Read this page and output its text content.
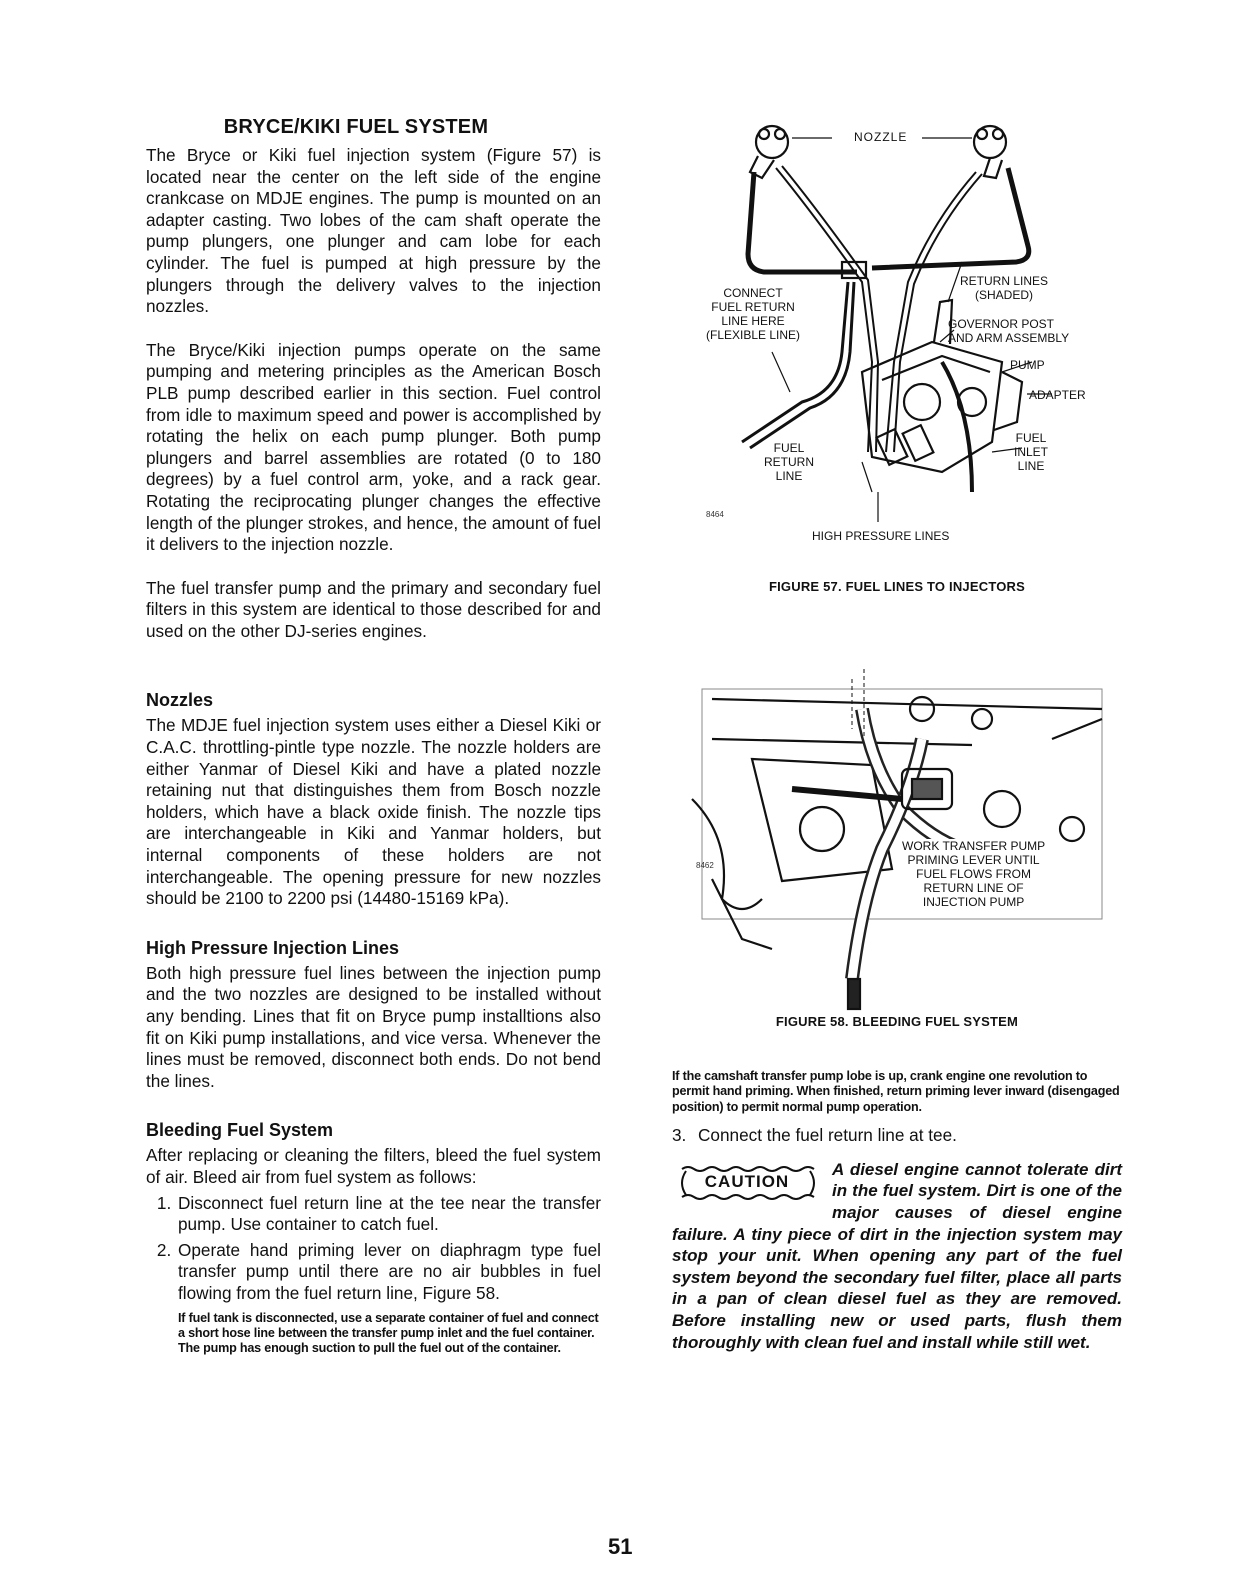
BRYCE/KIKI FUEL SYSTEM

The Bryce or Kiki fuel injection system (Figure 57) is located near the center on the left side of the engine crankcase on MDJE engines. The pump is mounted on an adapter casting. Two lobes of the cam shaft operate the pump plungers, one plunger and cam lobe for each cylinder. The fuel is pumped at high pressure by the plungers through the delivery valves to the injection nozzles.

The Bryce/Kiki injection pumps operate on the same pumping and metering principles as the American Bosch PLB pump described earlier in this section. Fuel control from idle to maximum speed and power is accomplished by rotating the helix on each pump plunger. Both pump plungers and barrel assemblies are rotated (0 to 180 degrees) by a fuel control arm, yoke, and a rack gear. Rotating the reciprocating plunger changes the effective length of the plunger strokes, and hence, the amount of fuel it delivers to the injection nozzle.

The fuel transfer pump and the primary and secondary fuel filters in this system are identical to those described for and used on the other DJ-series engines.

Nozzles

The MDJE fuel injection system uses either a Diesel Kiki or C.A.C. throttling-pintle type nozzle. The nozzle holders are either Yanmar of Diesel Kiki and have a plated nozzle retaining nut that distinguishes them from Bosch nozzle holders, which have a black oxide finish. The nozzle tips are interchangeable in Kiki and Yanmar holders, but internal components of these holders are not interchangeable. The opening pressure for new nozzles should be 2100 to 2200 psi (14480-15169 kPa).

High Pressure Injection Lines

Both high pressure fuel lines between the injection pump and the two nozzles are designed to be installed without any bending. Lines that fit on Bryce pump installtions also fit on Kiki pump installations, and vice versa. Whenever the lines must be removed, disconnect both ends. Do not bend the lines.

Bleeding Fuel System

After replacing or cleaning the filters, bleed the fuel system of air. Bleed air from fuel system as follows:

1. Disconnect fuel return line at the tee near the transfer pump. Use container to catch fuel.
2. Operate hand priming lever on diaphragm type fuel transfer pump until there are no air bubbles in fuel flowing from the fuel return line, Figure 58.

If fuel tank is disconnected, use a separate container of fuel and connect a short hose line between the transfer pump inlet and the fuel container. The pump has enough suction to pull the fuel out of the container.

NOZZLE
CONNECT
FUEL RETURN
LINE HERE
(FLEXIBLE LINE)
RETURN LINES
(SHADED)
GOVERNOR POST
AND ARM ASSEMBLY
PUMP
ADAPTER
FUEL
RETURN
LINE
FUEL
INLET
LINE
HIGH PRESSURE LINES
8464
FIGURE 57. FUEL LINES TO INJECTORS
WORK TRANSFER PUMP
PRIMING LEVER UNTIL
FUEL FLOWS FROM
RETURN LINE OF
INJECTION PUMP
8462
FIGURE 58. BLEEDING FUEL SYSTEM

If the camshaft transfer pump lobe is up, crank engine one revolution to permit hand priming. When finished, return priming lever inward (disengaged position) to permit normal pump operation.

3. Connect the fuel return line at tee.
CAUTION
A diesel engine cannot tolerate dirt in the fuel system. Dirt is one of the major causes of diesel engine failure. A tiny piece of dirt in the injection system may stop your unit. When opening any part of the fuel system beyond the secondary fuel filter, place all parts in a pan of clean diesel fuel as they are removed. Before installing new or used parts, flush them thoroughly with clean fuel and install while still wet.
51
